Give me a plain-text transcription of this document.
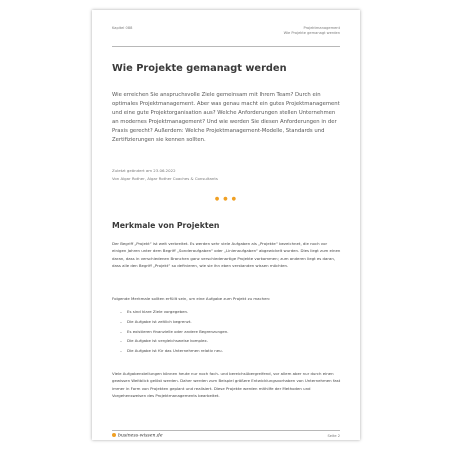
Kapitel 088	Projektmanagement
Wie Projekte gemanagt werden
Wie Projekte gemanagt werden
Wie erreichen Sie anspruchsvolle Ziele gemeinsam mit Ihrem Team? Durch ein optimales Projektmanagement. Aber was genau macht ein gutes Projektmanagement und eine gute Projektorganisation aus? Welche Anforderungen stellen Unternehmen an modernes Projektmanagement? Und wie werden Sie diesen Anforderungen in der Praxis gerecht? Außerdem: Welche Projektmanagement-Modelle, Standards und Zertifizierungen sie kennen sollten.
Zuletzt geändert am 23.06.2022
Von Algar Rother, Algar Rother Coaches & Consultants
● ● ●
Merkmale von Projekten
Der Begriff „Projekt“ ist weit verbreitet. Es werden sehr viele Aufgaben als „Projekte“ bezeichnet, die noch vor einigen Jahren unter dem Begriff „Sonderaufgaben“ oder „Linienaufgaben“ abgewickelt wurden. Dies liegt zum einen daran, dass in verschiedenen Branchen ganz verschiedenartige Projekte vorkommen; zum anderen liegt es daran, dass alle den Begriff „Projekt“ so definieren, wie sie ihn eben verstanden wissen möchten.
Folgende Merkmale sollten erfüllt sein, um eine Aufgabe zum Projekt zu machen:
– Es sind klare Ziele vorgegeben.
– Die Aufgabe ist zeitlich begrenzt.
– Es existieren finanzielle oder andere Begrenzungen.
– Die Aufgabe ist vergleichsweise komplex.
– Die Aufgabe ist für das Unternehmen relativ neu.
Viele Aufgabenstellungen können heute nur noch fach- und bereichsübergreifend, vor allem aber nur durch einen gewissen Weitblick gelöst werden. Daher werden zum Beispiel größere Entwicklungsvorhaben von Unternehmen fast immer in Form von Projekten geplant und realisiert. Diese Projekte werden mithilfe der Methoden und Vorgehensweisen des Projektmanagements bearbeitet.
business-wissen.de	Seite 2
